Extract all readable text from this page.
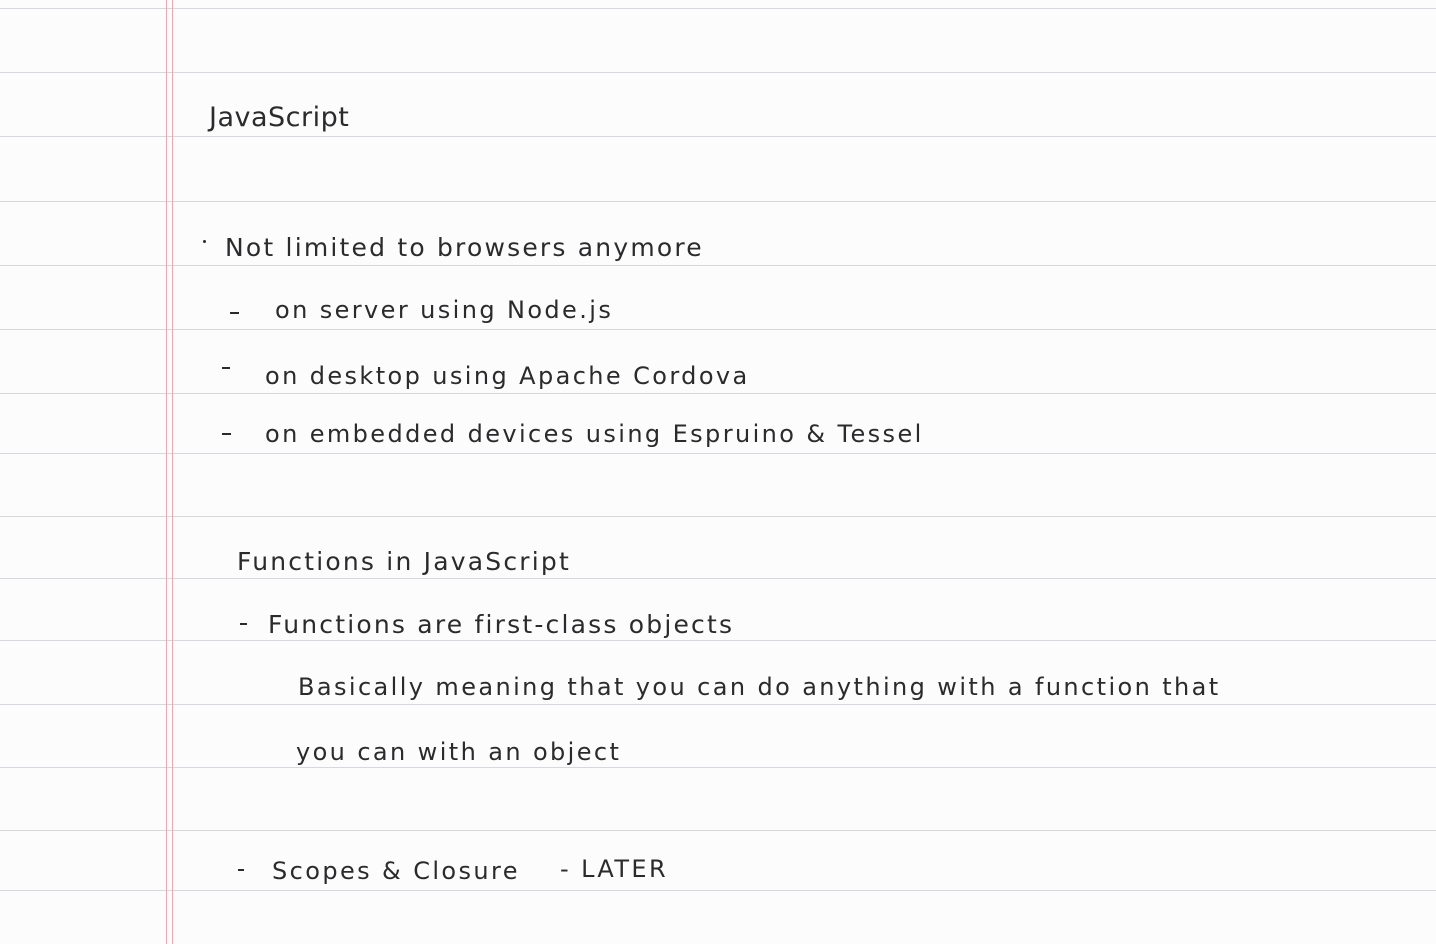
JavaScript

Not limited to browsers anymore

on server using Node.js

on desktop using Apache Cordova

on embedded devices using Espruino & Tessel

Functions in JavaScript

Functions are first-class objects

Basically meaning that you can do anything with a function that

you can with an object

Scopes & Closure - LATER
